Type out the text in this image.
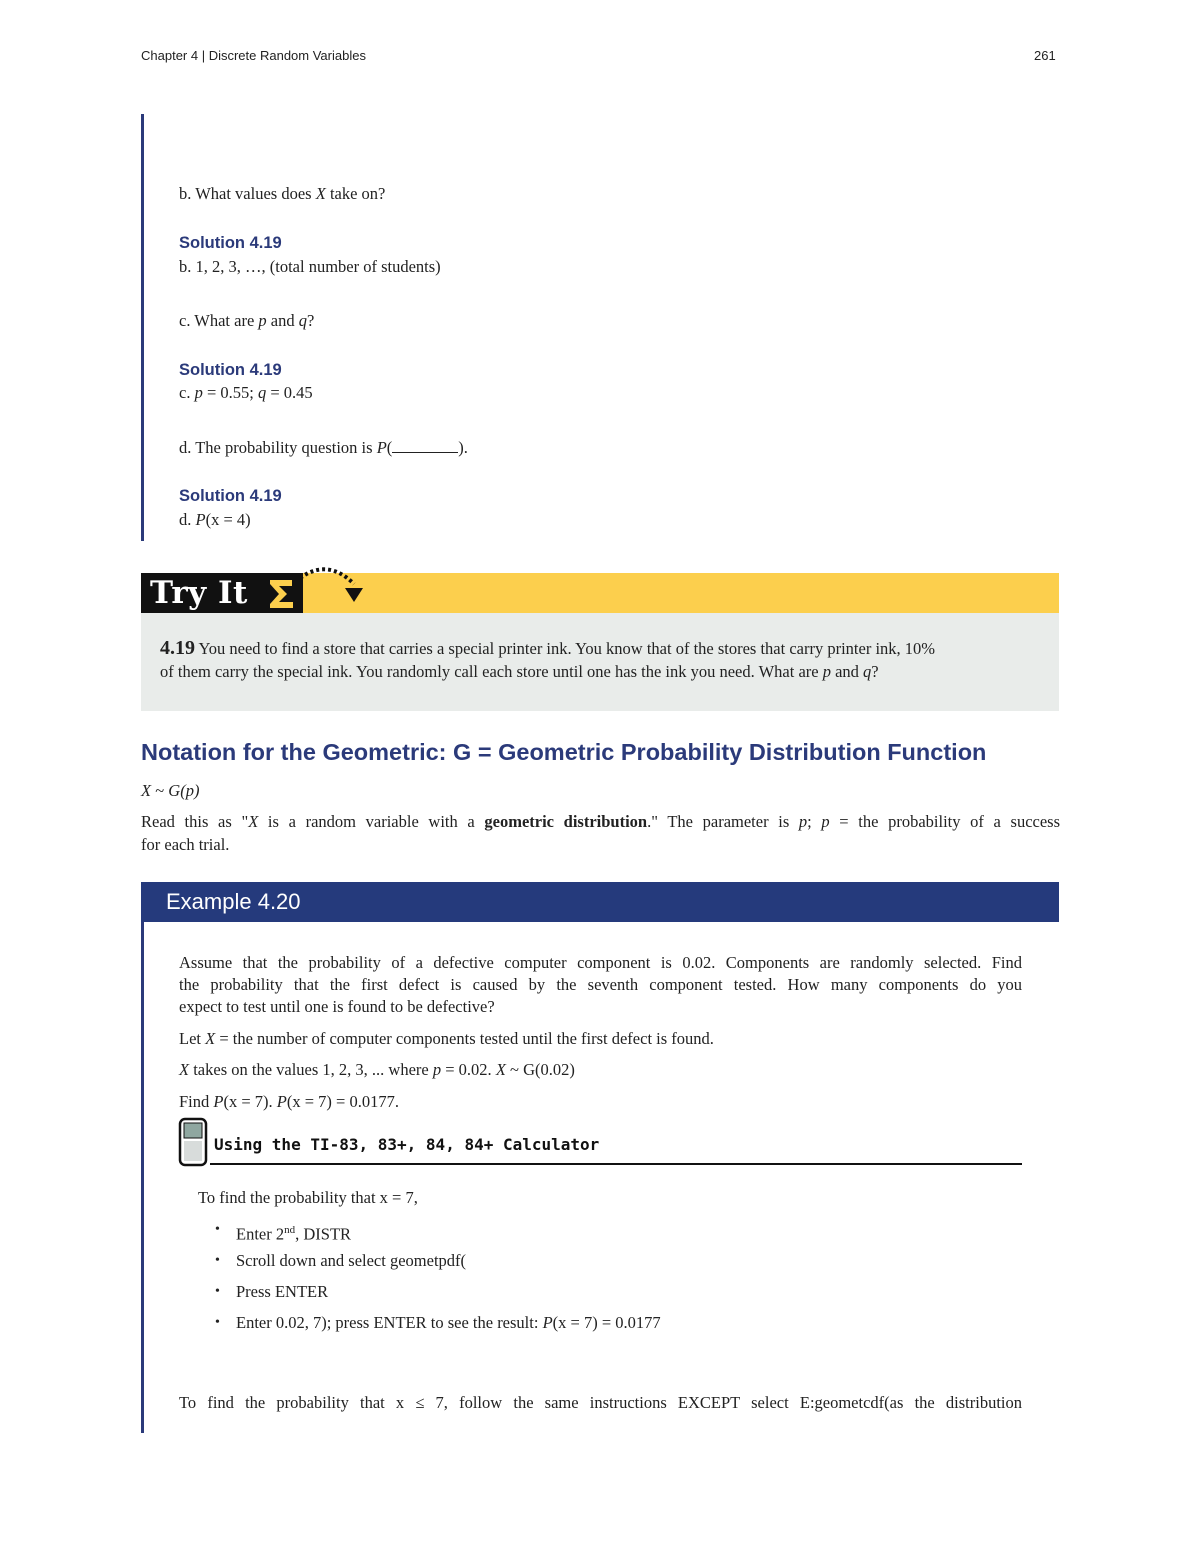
Chapter 4 | Discrete Random Variables	261
b. What values does X take on?
Solution 4.19
b. 1, 2, 3, …, (total number of students)
c. What are p and q?
Solution 4.19
c. p = 0.55; q = 0.45
d. The probability question is P(	).
Solution 4.19
d. P(x = 4)
Try It
4.19 You need to find a store that carries a special printer ink. You know that of the stores that carry printer ink, 10%
of them carry the special ink. You randomly call each store until one has the ink you need. What are p and q?
Notation for the Geometric: G = Geometric Probability Distribution Function
X ~ G(p)
Read this as "X is a random variable with a geometric distribution." The parameter is p; p = the probability of a success
for each trial.
Example 4.20
Assume that the probability of a defective computer component is 0.02. Components are randomly selected. Find
the probability that the first defect is caused by the seventh component tested. How many components do you
expect to test until one is found to be defective?
Let X = the number of computer components tested until the first defect is found.
X takes on the values 1, 2, 3, ... where p = 0.02. X ~ G(0.02)
Find P(x = 7). P(x = 7) = 0.0177.
Using the TI-83, 83+, 84, 84+ Calculator
To find the probability that x = 7,
• Enter 2nd, DISTR
• Scroll down and select geometpdf(
• Press ENTER
• Enter 0.02, 7); press ENTER to see the result: P(x = 7) = 0.0177
To find the probability that x ≤ 7, follow the same instructions EXCEPT select E:geometcdf(as the distribution
